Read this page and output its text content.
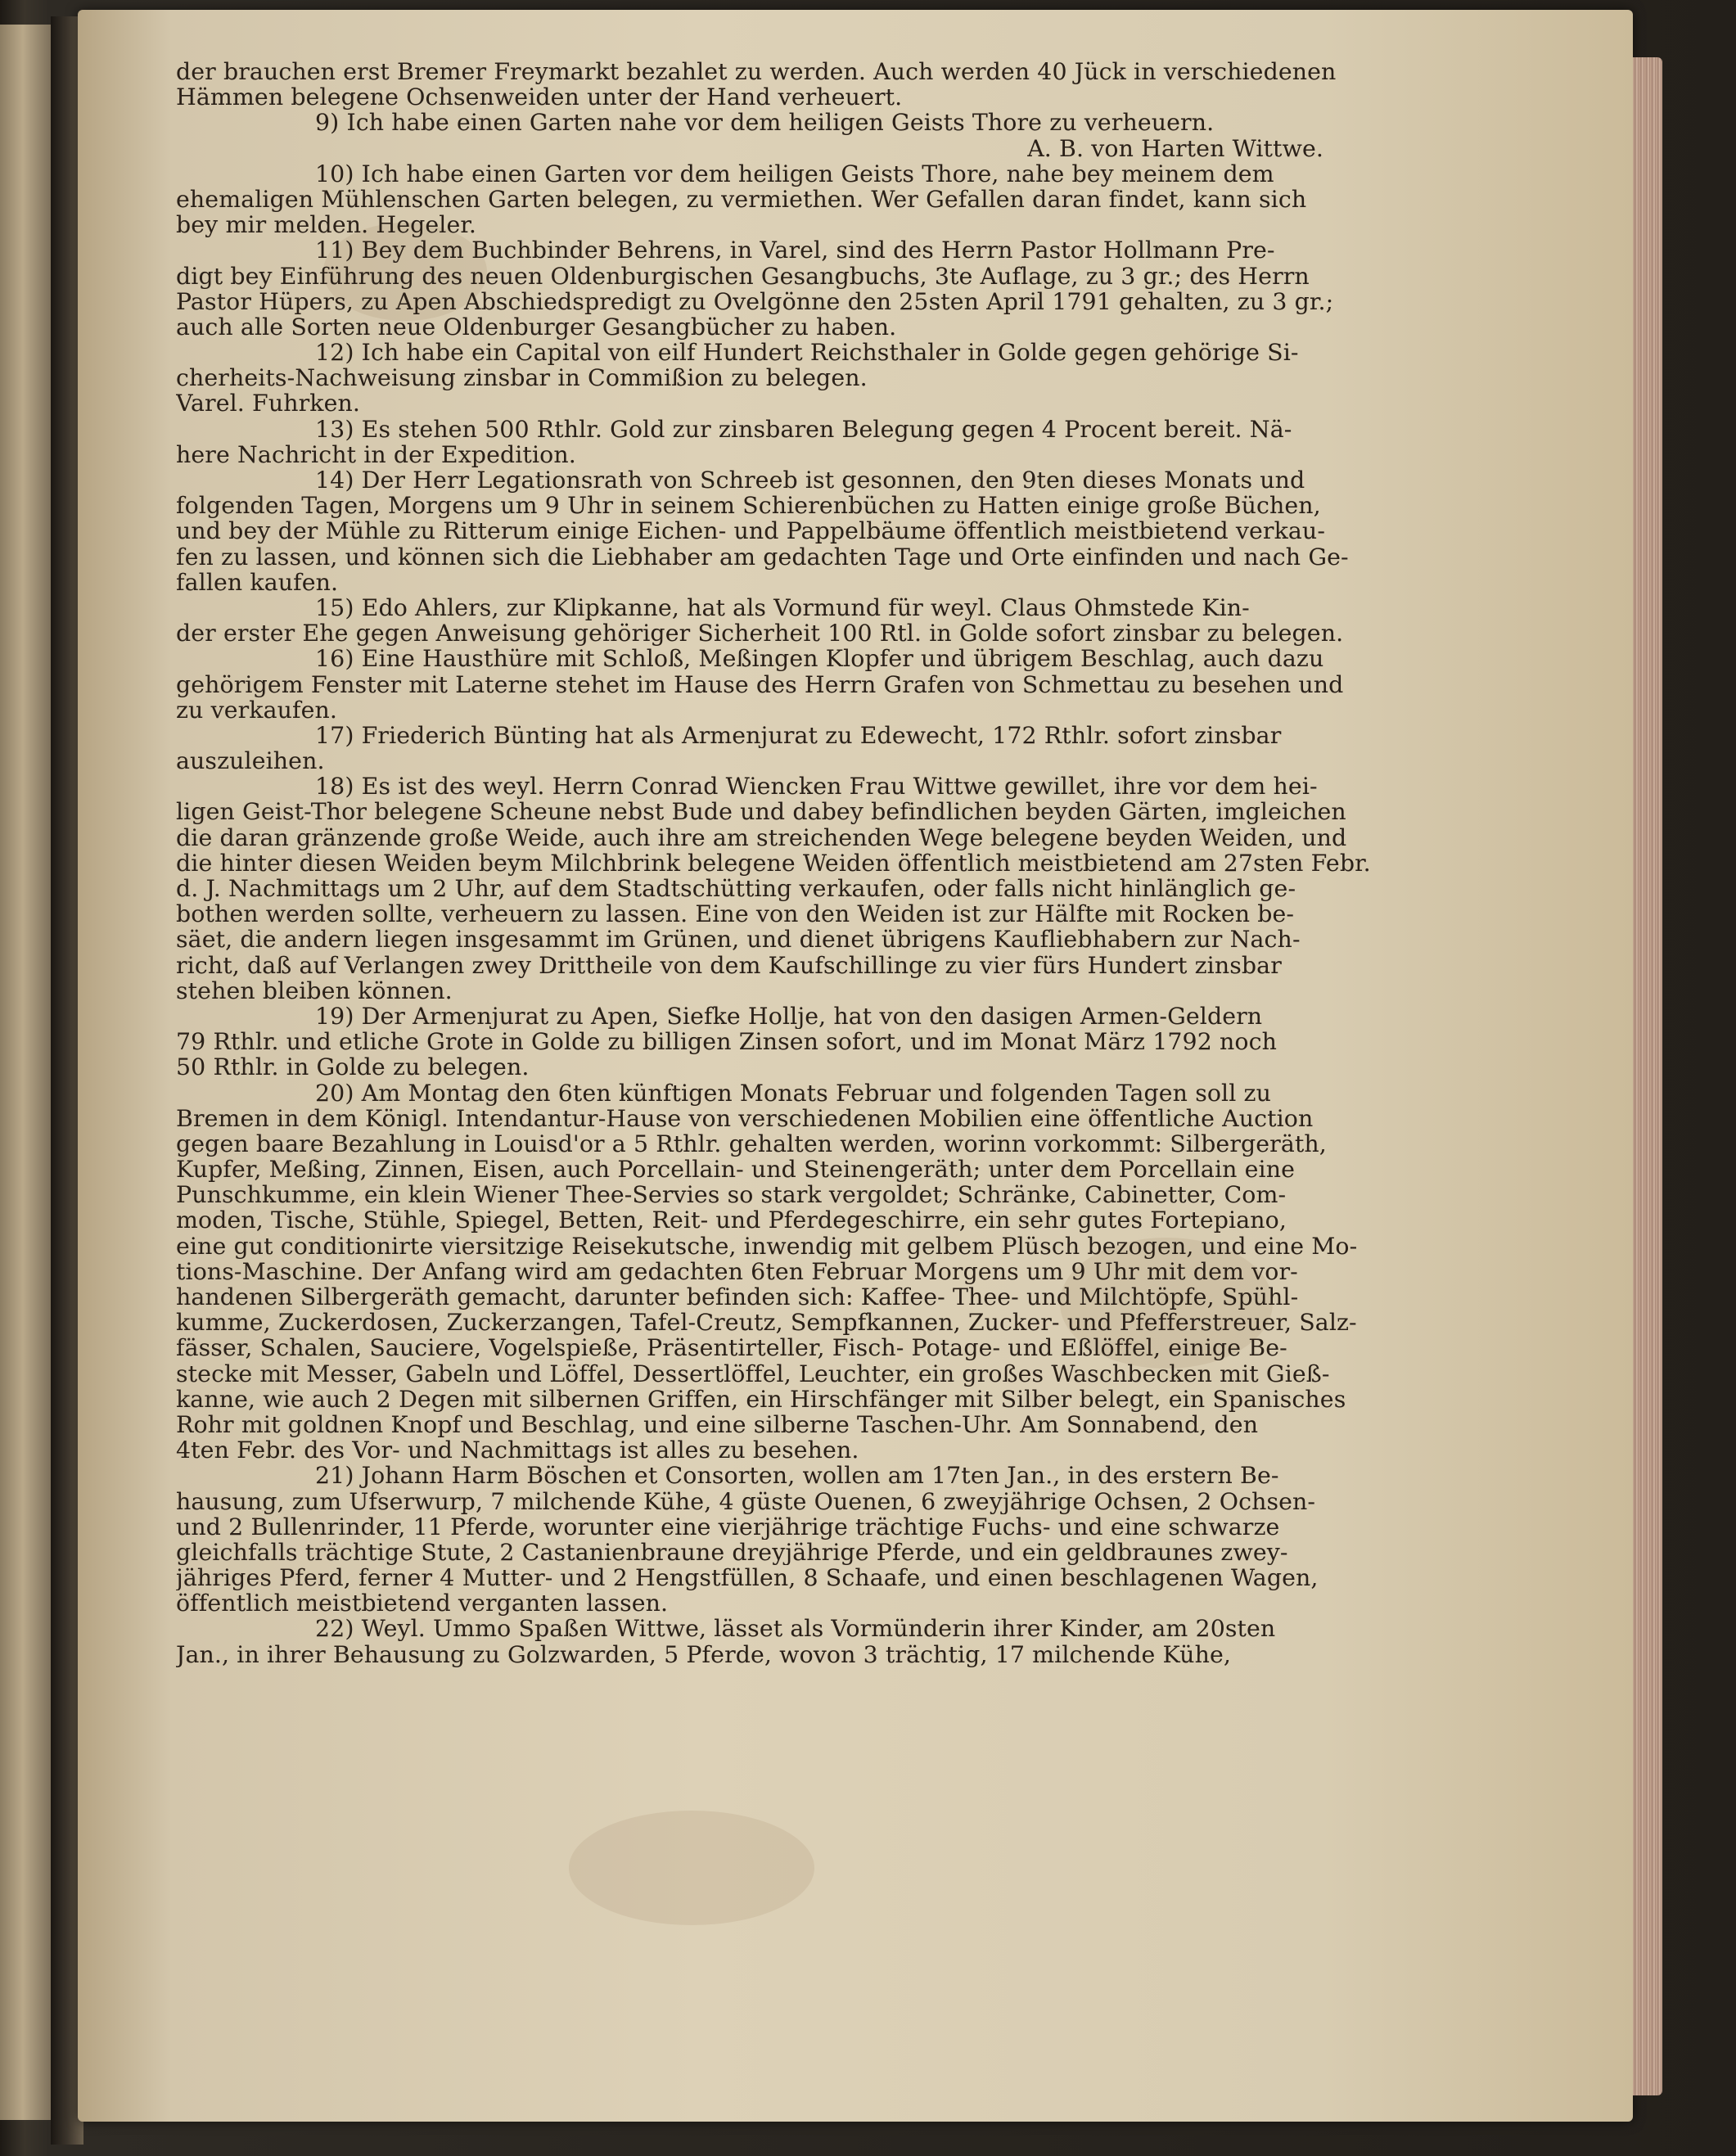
der brauchen erst Bremer Freymarkt bezahlet zu werden. Auch werden 40 Jück in verschiedenen
Hämmen belegene Ochsenweiden unter der Hand verheuert.
9) Ich habe einen Garten nahe vor dem heiligen Geists Thore zu verheuern.
A. B. von Harten Wittwe.
10) Ich habe einen Garten vor dem heiligen Geists Thore, nahe bey meinem dem
ehemaligen Mühlenschen Garten belegen, zu vermiethen. Wer Gefallen daran findet, kann sich
bey mir melden. Hegeler.
11) Bey dem Buchbinder Behrens, in Varel, sind des Herrn Pastor Hollmann Pre-
digt bey Einführung des neuen Oldenburgischen Gesangbuchs, 3te Auflage, zu 3 gr.; des Herrn
Pastor Hüpers, zu Apen Abschiedspredigt zu Ovelgönne den 25sten April 1791 gehalten, zu 3 gr.;
auch alle Sorten neue Oldenburger Gesangbücher zu haben.
12) Ich habe ein Capital von eilf Hundert Reichsthaler in Golde gegen gehörige Si-
cherheits-Nachweisung zinsbar in Commißion zu belegen.
Varel. Fuhrken.
13) Es stehen 500 Rthlr. Gold zur zinsbaren Belegung gegen 4 Procent bereit. Nä-
here Nachricht in der Expedition.
14) Der Herr Legationsrath von Schreeb ist gesonnen, den 9ten dieses Monats und
folgenden Tagen, Morgens um 9 Uhr in seinem Schierenbüchen zu Hatten einige große Büchen,
und bey der Mühle zu Ritterum einige Eichen- und Pappelbäume öffentlich meistbietend verkau-
fen zu lassen, und können sich die Liebhaber am gedachten Tage und Orte einfinden und nach Ge-
fallen kaufen.
15) Edo Ahlers, zur Klipkanne, hat als Vormund für weyl. Claus Ohmstede Kin-
der erster Ehe gegen Anweisung gehöriger Sicherheit 100 Rtl. in Golde sofort zinsbar zu belegen.
16) Eine Hausthüre mit Schloß, Meßingen Klopfer und übrigem Beschlag, auch dazu
gehörigem Fenster mit Laterne stehet im Hause des Herrn Grafen von Schmettau zu besehen und
zu verkaufen.
17) Friederich Bünting hat als Armenjurat zu Edewecht, 172 Rthlr. sofort zinsbar
auszuleihen.
18) Es ist des weyl. Herrn Conrad Wiencken Frau Wittwe gewillet, ihre vor dem hei-
ligen Geist-Thor belegene Scheune nebst Bude und dabey befindlichen beyden Gärten, imgleichen
die daran gränzende große Weide, auch ihre am streichenden Wege belegene beyden Weiden, und
die hinter diesen Weiden beym Milchbrink belegene Weiden öffentlich meistbietend am 27sten Febr.
d. J. Nachmittags um 2 Uhr, auf dem Stadtschütting verkaufen, oder falls nicht hinlänglich ge-
bothen werden sollte, verheuern zu lassen. Eine von den Weiden ist zur Hälfte mit Rocken be-
säet, die andern liegen insgesammt im Grünen, und dienet übrigens Kaufliebhabern zur Nach-
richt, daß auf Verlangen zwey Drittheile von dem Kaufschillinge zu vier fürs Hundert zinsbar
stehen bleiben können.
19) Der Armenjurat zu Apen, Siefke Hollje, hat von den dasigen Armen-Geldern
79 Rthlr. und etliche Grote in Golde zu billigen Zinsen sofort, und im Monat März 1792 noch
50 Rthlr. in Golde zu belegen.
20) Am Montag den 6ten künftigen Monats Februar und folgenden Tagen soll zu
Bremen in dem Königl. Intendantur-Hause von verschiedenen Mobilien eine öffentliche Auction
gegen baare Bezahlung in Louisd'or a 5 Rthlr. gehalten werden, worinn vorkommt: Silbergeräth,
Kupfer, Meßing, Zinnen, Eisen, auch Porcellain- und Steinengeräth; unter dem Porcellain eine
Punschkumme, ein klein Wiener Thee-Servies so stark vergoldet; Schränke, Cabinetter, Com-
moden, Tische, Stühle, Spiegel, Betten, Reit- und Pferdegeschirre, ein sehr gutes Fortepiano,
eine gut conditionirte viersitzige Reisekutsche, inwendig mit gelbem Plüsch bezogen, und eine Mo-
tions-Maschine. Der Anfang wird am gedachten 6ten Februar Morgens um 9 Uhr mit dem vor-
handenen Silbergeräth gemacht, darunter befinden sich: Kaffee- Thee- und Milchtöpfe, Spühl-
kumme, Zuckerdosen, Zuckerzangen, Tafel-Creutz, Sempfkannen, Zucker- und Pfefferstreuer, Salz-
fässer, Schalen, Sauciere, Vogelspieße, Präsentirteller, Fisch- Potage- und Eßlöffel, einige Be-
stecke mit Messer, Gabeln und Löffel, Dessertlöffel, Leuchter, ein großes Waschbecken mit Gieß-
kanne, wie auch 2 Degen mit silbernen Griffen, ein Hirschfänger mit Silber belegt, ein Spanisches
Rohr mit goldnen Knopf und Beschlag, und eine silberne Taschen-Uhr. Am Sonnabend, den
4ten Febr. des Vor- und Nachmittags ist alles zu besehen.
21) Johann Harm Böschen et Consorten, wollen am 17ten Jan., in des erstern Be-
hausung, zum Ufserwurp, 7 milchende Kühe, 4 güste Ouenen, 6 zweyjährige Ochsen, 2 Ochsen-
und 2 Bullenrinder, 11 Pferde, worunter eine vierjährige trächtige Fuchs- und eine schwarze
gleichfalls trächtige Stute, 2 Castanienbraune dreyjährige Pferde, und ein geldbraunes zwey-
jähriges Pferd, ferner 4 Mutter- und 2 Hengstfüllen, 8 Schaafe, und einen beschlagenen Wagen,
öffentlich meistbietend verganten lassen.
22) Weyl. Ummo Spaßen Wittwe, lässet als Vormünderin ihrer Kinder, am 20sten
Jan., in ihrer Behausung zu Golzwarden, 5 Pferde, wovon 3 trächtig, 17 milchende Kühe,
